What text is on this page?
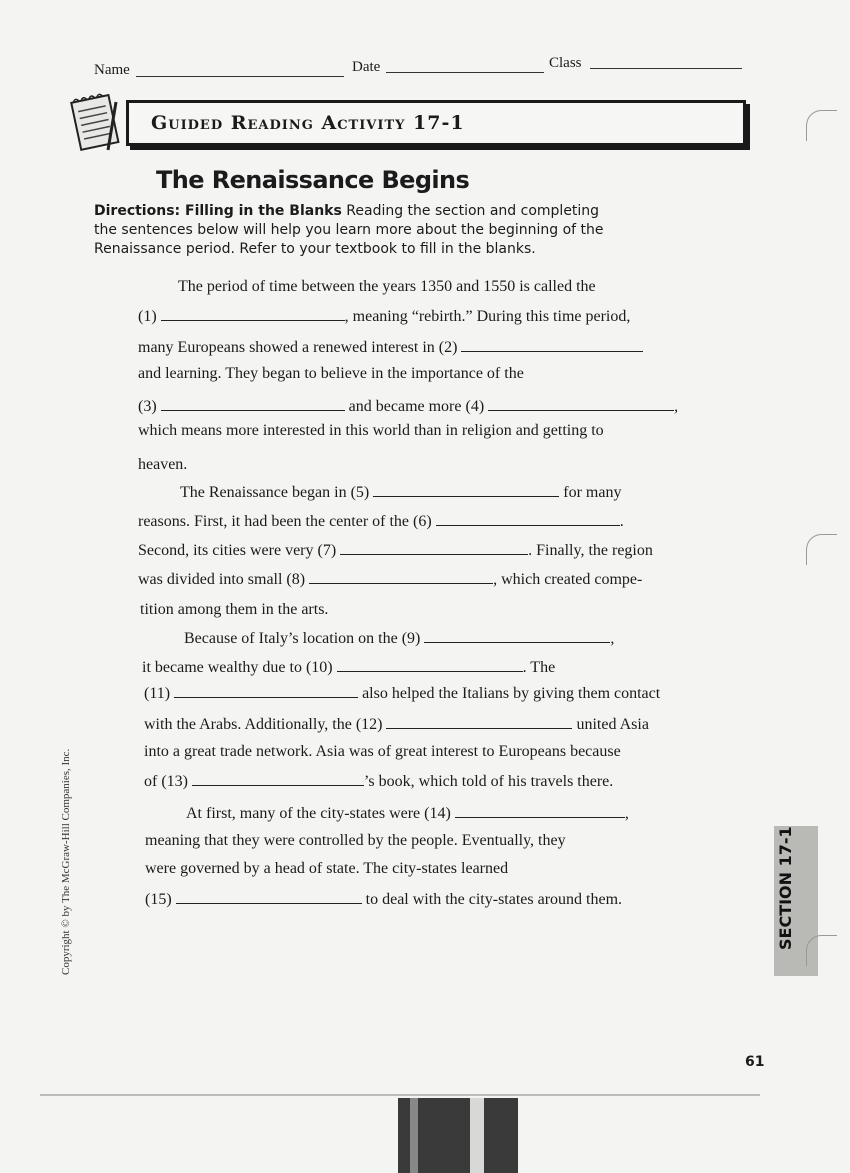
Name	Date	Class
Guided Reading Activity 17-1
The Renaissance Begins
Directions: Filling in the Blanks Reading the section and completing the sentences below will help you learn more about the beginning of the Renaissance period. Refer to your textbook to fill in the blanks.
The period of time between the years 1350 and 1550 is called the
(1)	, meaning “rebirth.” During this time period,
many Europeans showed a renewed interest in (2)
and learning. They began to believe in the importance of the
(3)	and became more (4)	,
which means more interested in this world than in religion and getting to
heaven.
The Renaissance began in (5)	for many
reasons. First, it had been the center of the (6)	.
Second, its cities were very (7)	. Finally, the region
was divided into small (8)	, which created compe-
tition among them in the arts.
Because of Italy’s location on the (9)	,
it became wealthy due to (10)	. The
(11)	also helped the Italians by giving them contact
with the Arabs. Additionally, the (12)	united Asia
into a great trade network. Asia was of great interest to Europeans because
of (13)	’s book, which told of his travels there.
At first, many of the city-states were (14)	,
meaning that they were controlled by the people. Eventually, they
were governed by a head of state. The city-states learned
(15)	to deal with the city-states around them.	SECTION 17-1
Copyright © by The McGraw-Hill Companies, Inc.
61
